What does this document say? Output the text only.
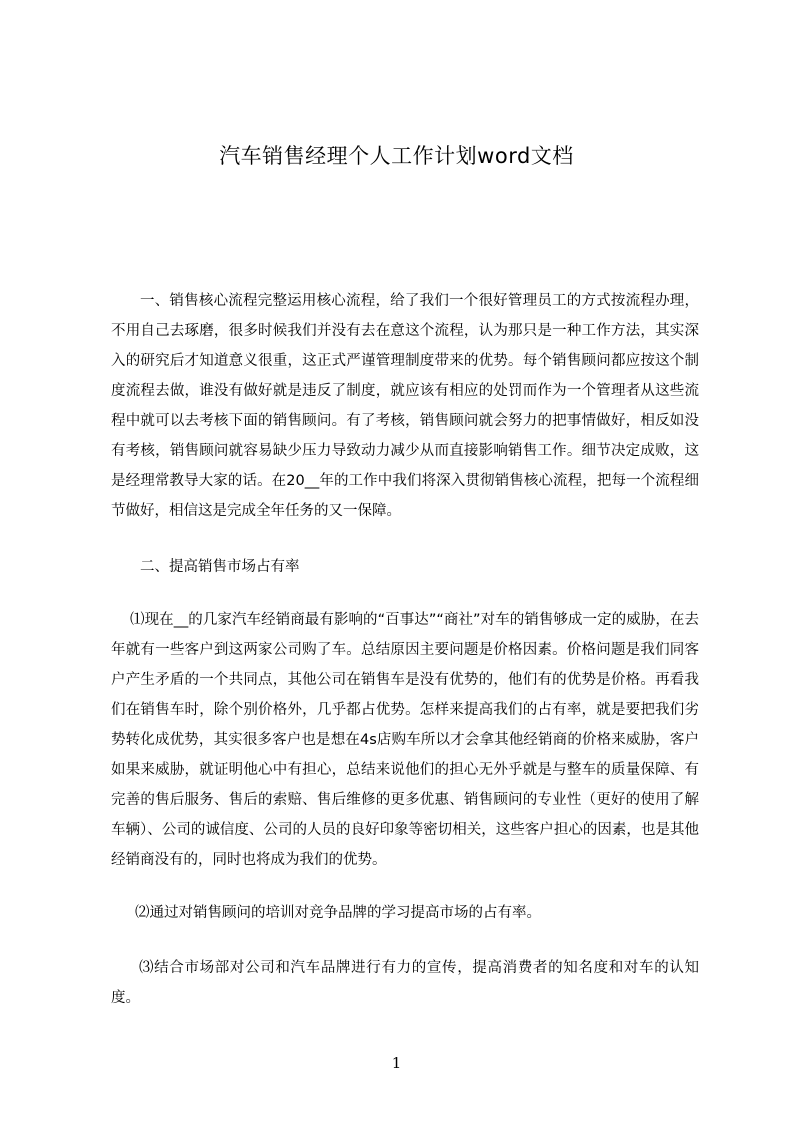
汽车销售经理个人工作计划word文档

一、销售核心流程完整运用核心流程，给了我们一个很好管理员工的方式按流程办理，不用自己去琢磨，很多时候我们并没有去在意这个流程，认为那只是一种工作方法，其实深入的研究后才知道意义很重，这正式严谨管理制度带来的优势。每个销售顾问都应按这个制度流程去做，谁没有做好就是违反了制度，就应该有相应的处罚而作为一个管理者从这些流程中就可以去考核下面的销售顾问。有了考核，销售顾问就会努力的把事情做好，相反如没有考核，销售顾问就容易缺少压力导致动力减少从而直接影响销售工作。细节决定成败，这是经理常教导大家的话。在20__年的工作中我们将深入贯彻销售核心流程，把每一个流程细节做好，相信这是完成全年任务的又一保障。

二、提高销售市场占有率

⑴现在__的几家汽车经销商最有影响的“百事达”“商社”对车的销售够成一定的威胁，在去年就有一些客户到这两家公司购了车。总结原因主要问题是价格因素。价格问题是我们同客户产生矛盾的一个共同点，其他公司在销售车是没有优势的，他们有的优势是价格。再看我们在销售车时，除个别价格外，几乎都占优势。怎样来提高我们的占有率，就是要把我们劣势转化成优势，其实很多客户也是想在4s店购车所以才会拿其他经销商的价格来威胁，客户如果来威胁，就证明他心中有担心，总结来说他们的担心无外乎就是与整车的质量保障、有完善的售后服务、售后的索赔、售后维修的更多优惠、销售顾问的专业性（更好的使用了解车辆）、公司的诚信度、公司的人员的良好印象等密切相关，这些客户担心的因素，也是其他经销商没有的，同时也将成为我们的优势。

⑵通过对销售顾问的培训对竞争品牌的学习提高市场的占有率。

⑶结合市场部对公司和汽车品牌进行有力的宣传，提高消费者的知名度和对车的认知度。

1
